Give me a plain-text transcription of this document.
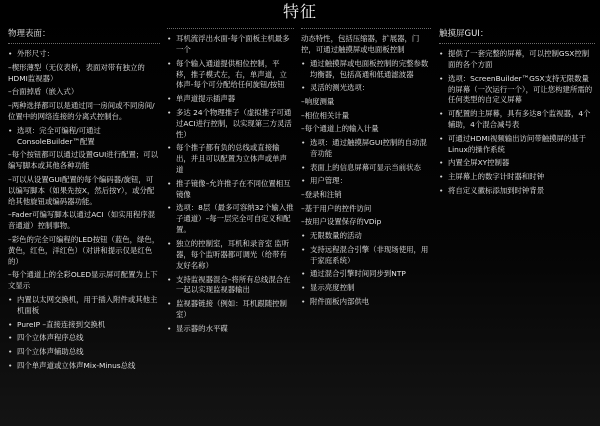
特征
物理表面：
• 外形尺寸：
–楔形薄型（无仪表桥，表面对带有独立的HDMI监视器）
–台面掉盾（嵌入式）
–两种选择都可以是通过同一房间或不同房间/位置中的网络连接的分离式控制台。
• 选项：完全可编程/可通过ConsoleBuilder™配置
–每个按钮都可以通过设置GUI进行配置；可以编写脚本或其他各种功能
–可以从设置GUI配置的每个编码器/旋钮，可以编写脚本（如果先按X，然后按Y），或分配给其他旋钮或编码器功能。
–Fader可编写脚本以通过ACI（如实用程序混音通道）控制事物。
–彩色的完全可编程的LED按钮（蓝色，绿色，黄色，红色，洋红色）（对讲和提示仅是红色的）
–每个通道上的全彩OLED显示屏可配置为上下文显示
• 内置以太网交换机，用于插入附件或其他主机面板
• PureIP –直接连接到交换机
• 四个立体声程序总线
• 四个立体声辅助总线
• 四个单声道或立体声Mix-Minus总线
• 耳机流浮出水面-每个面板主机最多一个
• 每个输入通道提供相位控制，平移，推子模式左，右，单声道，立体声-每个可分配给任何旋钮/按钮
• 单声道提示插声器
• 多达 24个物理推子（虚拟推子可通过ACI进行控制，以实现第三方灵活性）
• 每个推子都有负的总线或直接输出，并且可以配置为立体声或单声道
• 推子镜像–允许推子在不同位置相互镜像
• 选项：8层（最多可容纳32个输入推子通道）–每一层完全可自定义和配置。
• 独立的控制室，耳机和录音室 监听器，每个监听器都可调光（给带有友好名称）
• 支持监视器混合–将所有总线混合在一起以实现监视器输出
• 监视器链接（例如：耳机跟随控制室）
• 显示器的水平碟
动态特性，包括压缩器，扩展器，门控，可通过触摸屏或电面板控制
• 通过触摸屏或电面板控制的完整参数均衡器，包括高通和低通滤波器
• 灵活的测光选项：
–响度测量
–相位相关计量
–每个通道上的输入计量
• 选项：通过触摸屏GUI控制的自动混音功能
• 表面上的信息屏幕可显示当前状态
• 用户管理：
–登录和注销
–基于用户的控件访问
–按用户设置保存的VDip
• 无限数量的活动
• 支持远程混合引擎（非现场使用，用于家庭系统）
• 通过混合引擎时间同步到NTP
• 显示亮度控制
• 附件面板内部供电
触摸屏GUI：
• 提供了一套完整的屏幕，可以控制GSX控制面的各个方面
• 选项：ScreenBuilder™GSX支持无限数量的屏幕（一次运行一个），可让您构建所需的任何类型的自定义屏幕
• 可配置的主屏幕，具有多达8个监视器，4个辅助，4个混合减号表
• 可通过HDMI视频输出访问带触摸屏的基于Linux的操作系统
• 内置全屏XY控制器
• 主屏幕上的数字计时器和时钟
• 将自定义徽标添加到时钟背景
